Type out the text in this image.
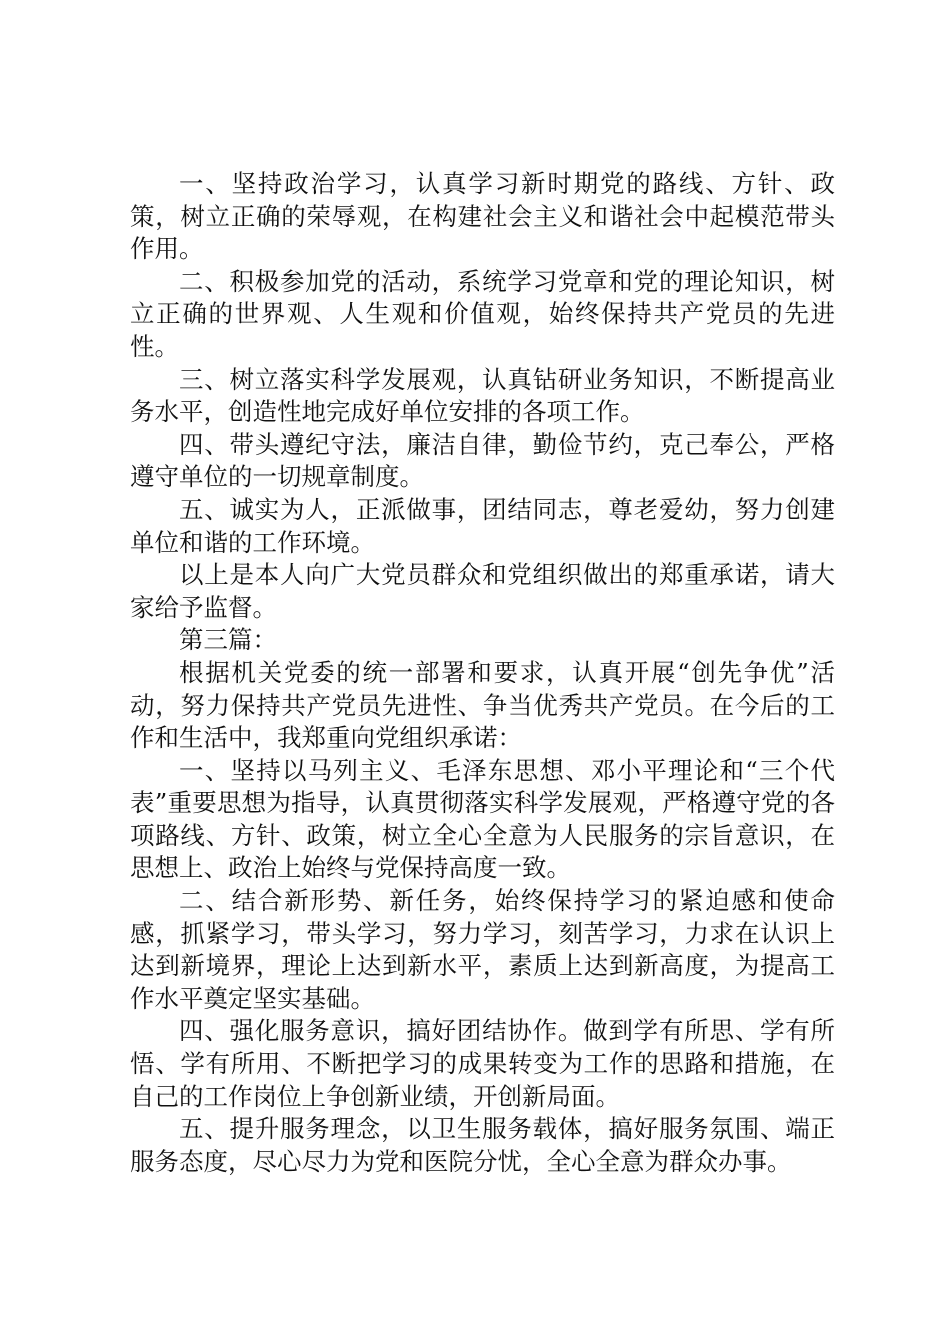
一、坚持政治学习，认真学习新时期党的路线、方针、政策，树立正确的荣辱观，在构建社会主义和谐社会中起模范带头作用。

二、积极参加党的活动，系统学习党章和党的理论知识，树立正确的世界观、人生观和价值观，始终保持共产党员的先进性。

三、树立落实科学发展观，认真钻研业务知识，不断提高业务水平，创造性地完成好单位安排的各项工作。

四、带头遵纪守法，廉洁自律，勤俭节约，克己奉公，严格遵守单位的一切规章制度。

五、诚实为人，正派做事，团结同志，尊老爱幼，努力创建单位和谐的工作环境。

以上是本人向广大党员群众和党组织做出的郑重承诺，请大家给予监督。

第三篇：

根据机关党委的统一部署和要求，认真开展“创先争优”活动，努力保持共产党员先进性、争当优秀共产党员。在今后的工作和生活中，我郑重向党组织承诺：

一、坚持以马列主义、毛泽东思想、邓小平理论和“三个代表”重要思想为指导，认真贯彻落实科学发展观，严格遵守党的各项路线、方针、政策，树立全心全意为人民服务的宗旨意识，在思想上、政治上始终与党保持高度一致。

二、结合新形势、新任务，始终保持学习的紧迫感和使命感，抓紧学习，带头学习，努力学习，刻苦学习，力求在认识上达到新境界，理论上达到新水平，素质上达到新高度，为提高工作水平奠定坚实基础。

四、强化服务意识，搞好团结协作。做到学有所思、学有所悟、学有所用、不断把学习的成果转变为工作的思路和措施，在自己的工作岗位上争创新业绩，开创新局面。

五、提升服务理念，以卫生服务载体，搞好服务氛围、端正服务态度，尽心尽力为党和医院分忧，全心全意为群众办事。
